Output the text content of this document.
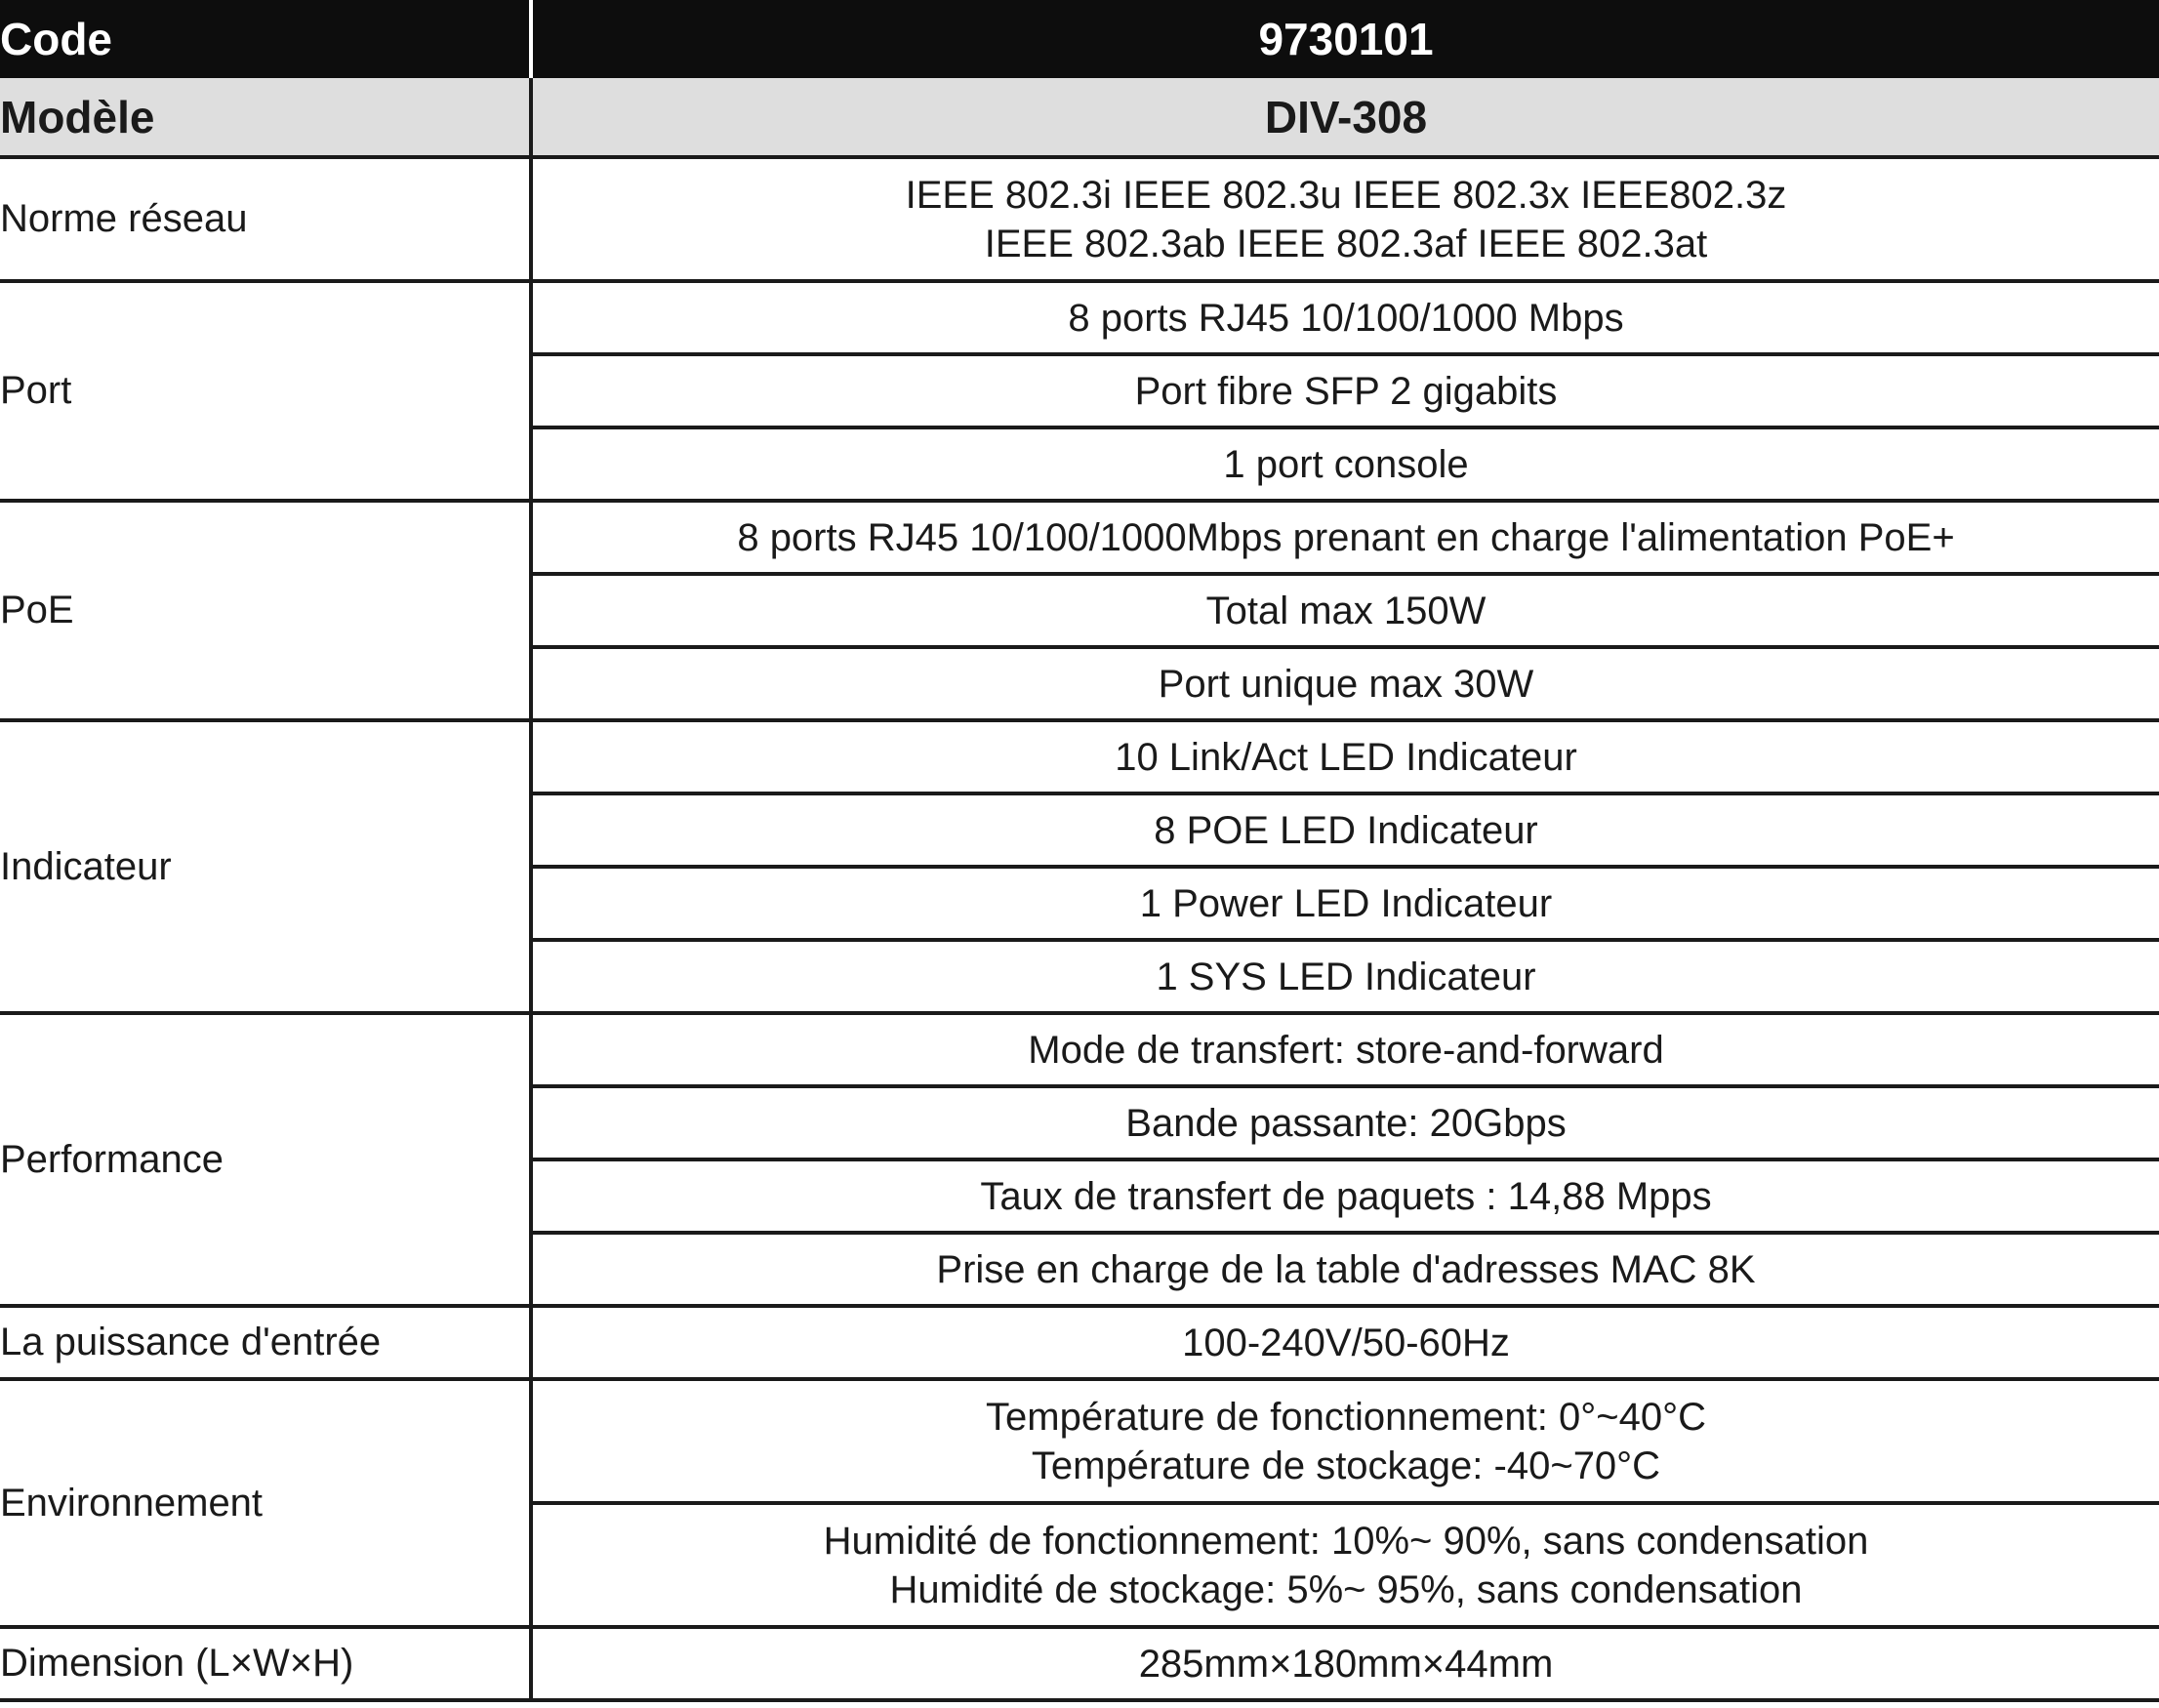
Code	9730101
Modèle	DIV-308
Norme réseau	IEEE 802.3i IEEE 802.3u IEEE 802.3x IEEE802.3z
IEEE 802.3ab IEEE 802.3af IEEE 802.3at

Port	8 ports RJ45 10/100/1000 Mbps
	Port fibre SFP 2 gigabits
	1 port console
PoE	8 ports RJ45 10/100/1000Mbps prenant en charge l'alimentation PoE+
	Total max 150W
	Port unique max 30W
Indicateur	10 Link/Act LED Indicateur
	8 POE LED Indicateur
	1 Power LED Indicateur
	1 SYS LED Indicateur
Performance	Mode de transfert: store-and-forward
	Bande passante: 20Gbps
	Taux de transfert de paquets : 14,88 Mpps
	Prise en charge de la table d'adresses MAC 8K
La puissance d'entrée	100-240V/50-60Hz
Environnement	Température de fonctionnement: 0°~40°C
Température de stockage: -40~70°C

	Humidité de fonctionnement: 10%~ 90%, sans condensation
Humidité de stockage: 5%~ 95%, sans condensation

Dimension (L×W×H)	285mm×180mm×44mm
